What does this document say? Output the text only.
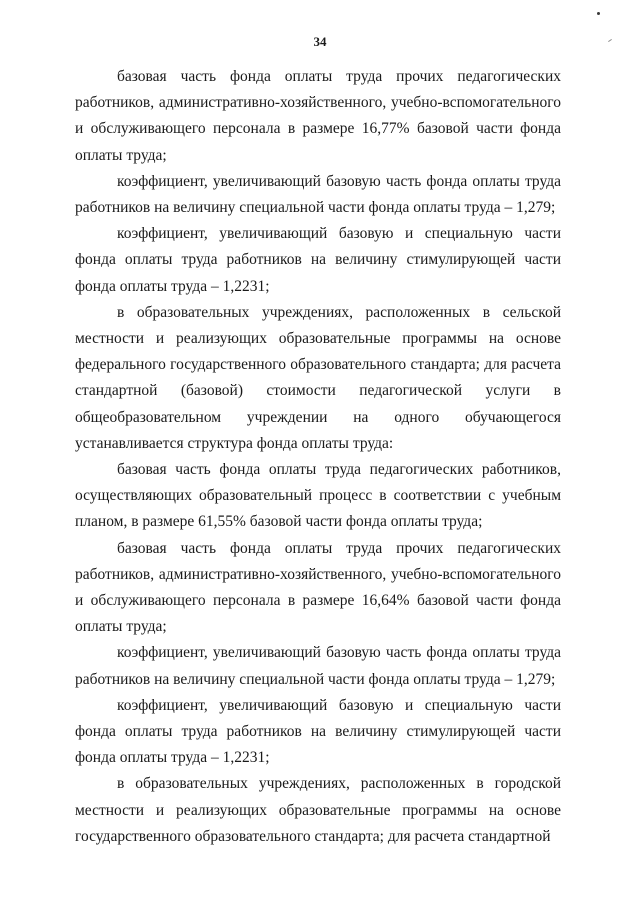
34

базовая часть фонда оплаты труда прочих педагогических работников, административно-хозяйственного, учебно-вспомогательного и обслуживающего персонала в размере 16,77% базовой части фонда оплаты труда;

коэффициент, увеличивающий базовую часть фонда оплаты труда работников на величину специальной части фонда оплаты труда – 1,279;

коэффициент, увеличивающий базовую и специальную части фонда оплаты труда работников на величину стимулирующей части фонда оплаты труда – 1,2231;

в образовательных учреждениях, расположенных в сельской местности и реализующих образовательные программы на основе федерального государственного образовательного стандарта; для расчета стандартной (базовой) стоимости педагогической услуги в общеобразовательном учреждении на одного обучающегося устанавливается структура фонда оплаты труда:

базовая часть фонда оплаты труда педагогических работников, осуществляющих образовательный процесс в соответствии с учебным планом, в размере 61,55% базовой части фонда оплаты труда;

базовая часть фонда оплаты труда прочих педагогических работников, административно-хозяйственного, учебно-вспомогательного и обслуживающего персонала в размере 16,64% базовой части фонда оплаты труда;

коэффициент, увеличивающий базовую часть фонда оплаты труда работников на величину специальной части фонда оплаты труда – 1,279;

коэффициент, увеличивающий базовую и специальную части фонда оплаты труда работников на величину стимулирующей части фонда оплаты труда – 1,2231;

в образовательных учреждениях, расположенных в городской местности и реализующих образовательные программы на основе государственного образовательного стандарта; для расчета стандартной
